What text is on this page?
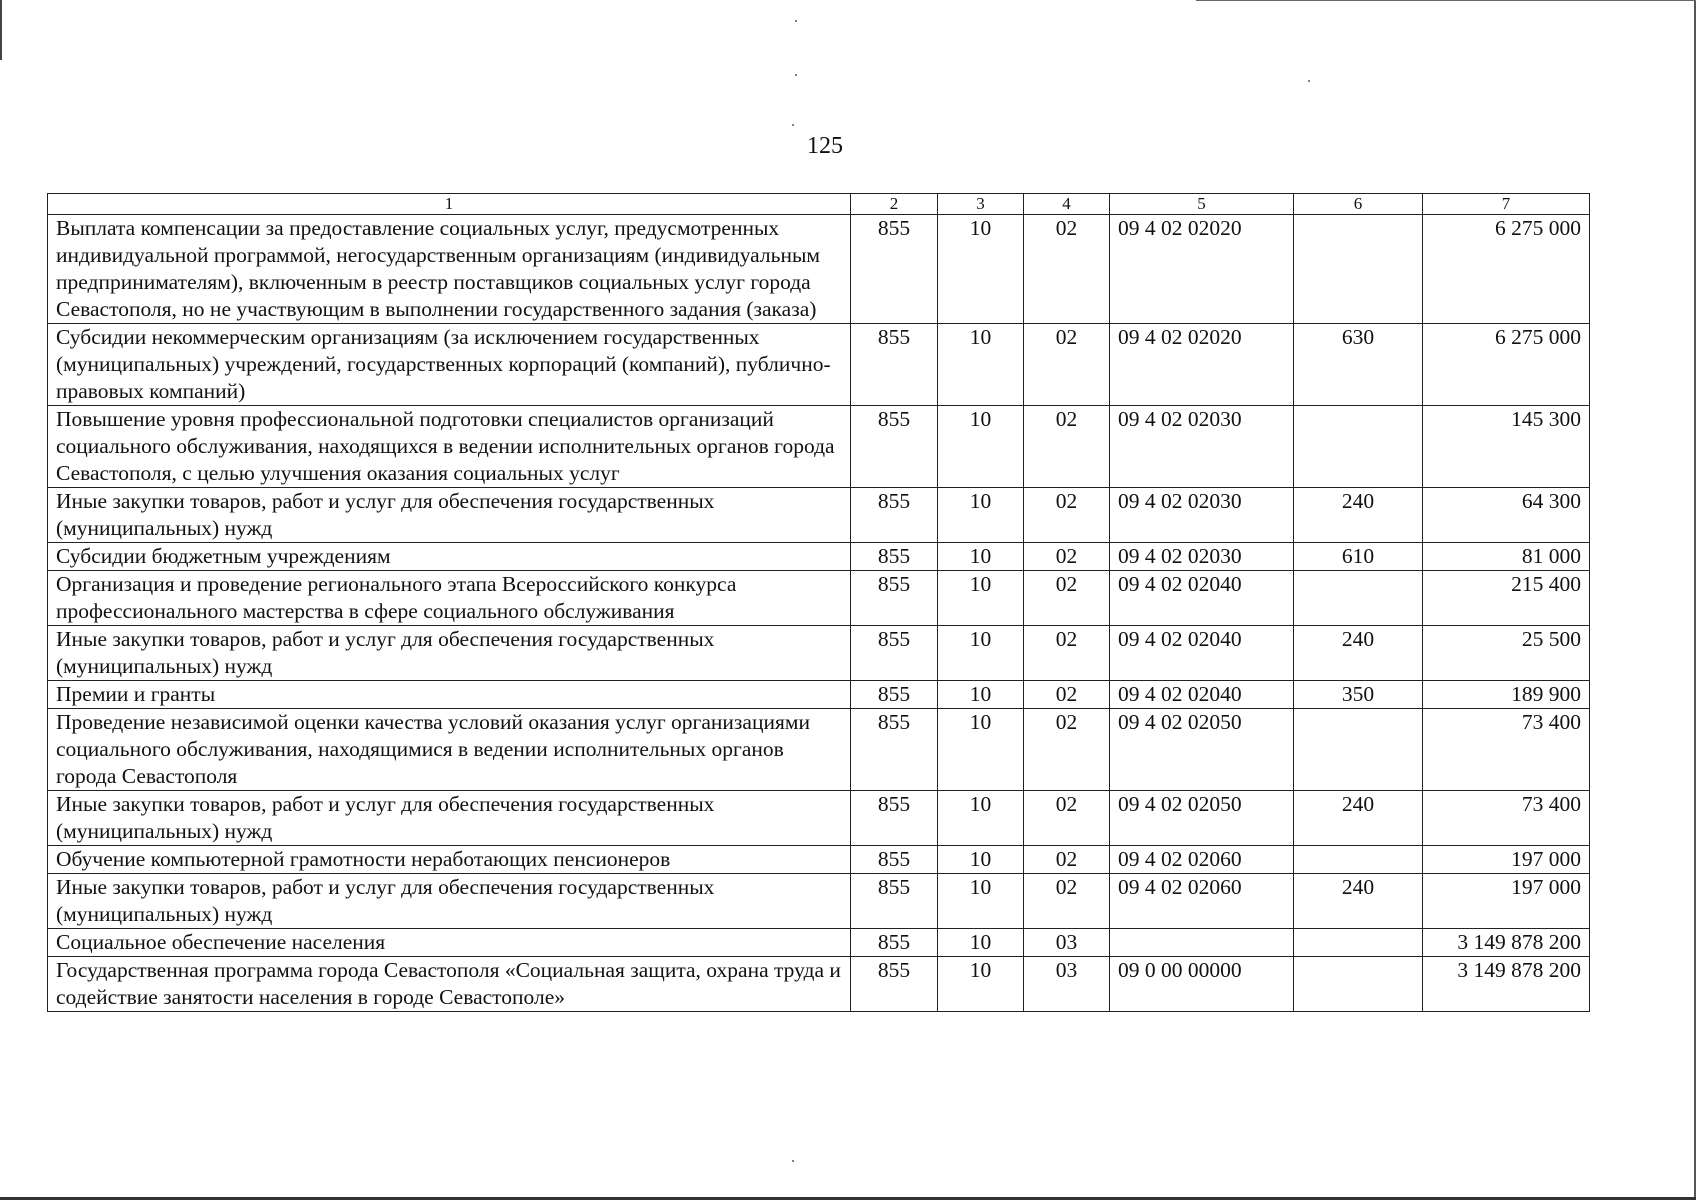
125
1	2	3	4	5	6	7
Выплата компенсации за предоставление социальных услуг, предусмотренных индивидуальной программой, негосударственным организациям (индивидуальным предпринимателям), включенным в реестр поставщиков социальных услуг города Севастополя, но не участвующим в выполнении государственного задания (заказа)	855	10	02	09 4 02 02020		6 275 000
Субсидии некоммерческим организациям (за исключением государственных (муниципальных) учреждений, государственных корпораций (компаний), публично-правовых компаний)	855	10	02	09 4 02 02020	630	6 275 000
Повышение уровня профессиональной подготовки специалистов организаций социального обслуживания, находящихся в ведении исполнительных органов города Севастополя, с целью улучшения оказания социальных услуг	855	10	02	09 4 02 02030		145 300
Иные закупки товаров, работ и услуг для обеспечения государственных (муниципальных) нужд	855	10	02	09 4 02 02030	240	64 300
Субсидии бюджетным учреждениям	855	10	02	09 4 02 02030	610	81 000
Организация и проведение регионального этапа Всероссийского конкурса профессионального мастерства в сфере социального обслуживания	855	10	02	09 4 02 02040		215 400
Иные закупки товаров, работ и услуг для обеспечения государственных (муниципальных) нужд	855	10	02	09 4 02 02040	240	25 500
Премии и гранты	855	10	02	09 4 02 02040	350	189 900
Проведение независимой оценки качества условий оказания услуг организациями социального обслуживания, находящимися в ведении исполнительных органов города Севастополя	855	10	02	09 4 02 02050		73 400
Иные закупки товаров, работ и услуг для обеспечения государственных (муниципальных) нужд	855	10	02	09 4 02 02050	240	73 400
Обучение компьютерной грамотности неработающих пенсионеров	855	10	02	09 4 02 02060		197 000
Иные закупки товаров, работ и услуг для обеспечения государственных (муниципальных) нужд	855	10	02	09 4 02 02060	240	197 000
Социальное обеспечение населения	855	10	03			3 149 878 200
Государственная программа города Севастополя «Социальная защита, охрана труда и содействие занятости населения в городе Севастополе»	855	10	03	09 0 00 00000		3 149 878 200
